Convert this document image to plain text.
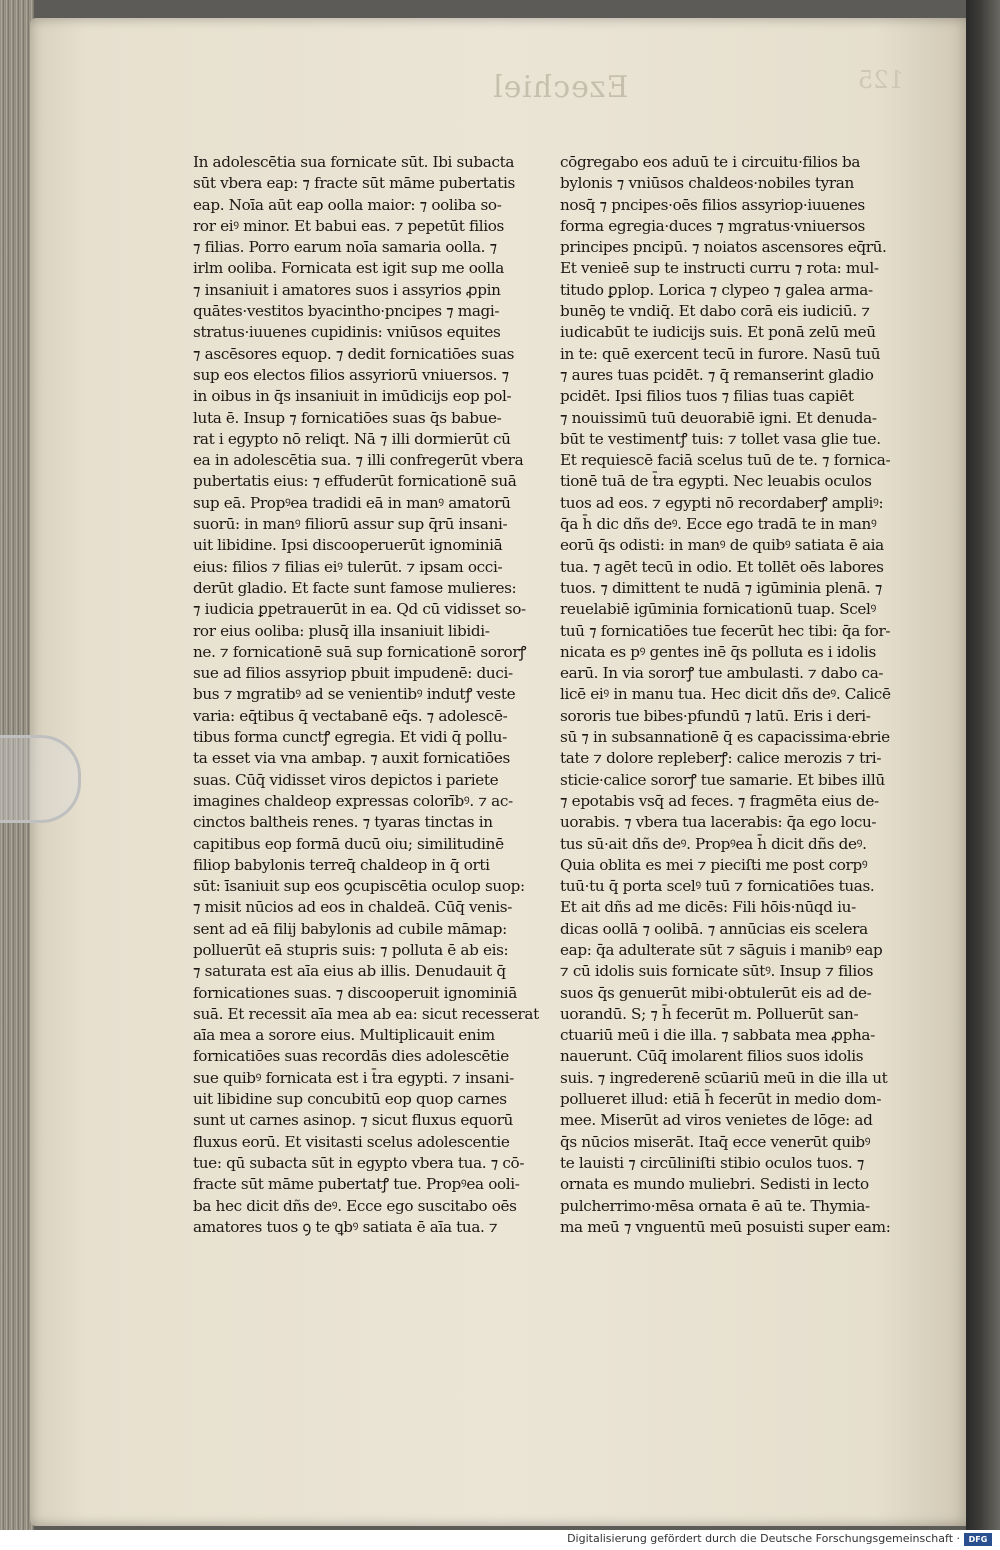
Ezechiel	125
In adolescētia sua fornicate sūt. Ibi subacta
sūt vbera eap: ⁊ fracte sūt māme pubertatis
eap. Noīa aūt eap oolla maior: ⁊ ooliba so-
ror eiꝰ minor. Et babui eas. ⁊ pepetūt filios
⁊ filias. Porro earum noīa samaria oolla. ⁊
irlm ooliba. Fornicata est igit sup me oolla
⁊ insaniuit i amatores suos i assyrios ꝓpin
quātes·vestitos byacintho·pncipes ⁊ magi-
stratus·iuuenes cupidinis: vniūsos equites
⁊ ascēsores equop. ⁊ dedit fornicatiōes suas
sup eos electos filios assyriorū vniuersos. ⁊
in oibus in q̄s insaniuit in imūdicijs eop pol-
luta ē. Insup ⁊ fornicatiōes suas q̄s babue-
rat i egypto nō reliqt. Nā ⁊ illi dormierūt cū
ea in adolescētia sua. ⁊ illi confregerūt vbera
pubertatis eius: ⁊ effuderūt fornicationē suā
sup eā. Propꝰea tradidi eā in manꝰ amatorū
suorū: in manꝰ filiorū assur sup q̄rū insani-
uit libidine. Ipsi discooperuerūt ignominiā
eius: filios ⁊ filias eiꝰ tulerūt. ⁊ ipsam occi-
derūt gladio. Et facte sunt famose mulieres:
⁊ iudicia ꝑpetrauerūt in ea. Qd cū vidisset so-
ror eius ooliba: plusq̄ illa insaniuit libidi-
ne. ⁊ fornicationē suā sup fornicationē sororꝭ
sue ad filios assyriop pbuit impudenē: duci-
bus ⁊ mgratibꝰ ad se venientibꝰ indutꝭ veste
varia: eq̄tibus q̄ vectabanē eq̄s. ⁊ adolescē-
tibus forma cunctꝭ egregia. Et vidi q̄ pollu-
ta esset via vna ambap. ⁊ auxit fornicatiōes
suas. Cūq̄ vidisset viros depictos i pariete
imagines chaldeop expressas colorībꝰ. ⁊ ac-
cinctos baltheis renes. ⁊ tyaras tinctas in
capitibus eop formā ducū oiu; similitudinē
filiop babylonis terreq̄ chaldeop in q̄ orti
sūt: īsaniuit sup eos ꝯcupiscētia oculop suop:
⁊ misit nūcios ad eos in chaldeā. Cūq̄ venis-
sent ad eā filij babylonis ad cubile māmap:
polluerūt eā stupris suis: ⁊ polluta ē ab eis:
⁊ saturata est aīa eius ab illis. Denudauit q̄
fornicationes suas. ⁊ discooperuit ignominiā
suā. Et recessit aīa mea ab ea: sicut recesserat
aīa mea a sorore eius. Multiplicauit enim
fornicatiōes suas recordās dies adolescētie
sue quibꝰ fornicata est i t̄ra egypti. ⁊ insani-
uit libidine sup concubitū eop quop carnes
sunt ut carnes asinop. ⁊ sicut fluxus equorū
fluxus eorū. Et visitasti scelus adolescentie
tue: qū subacta sūt in egypto vbera tua. ⁊ cō-
fracte sūt māme pubertatꝭ tue. Propꝰea ooli-
ba hec dicit dñs deꝰ. Ecce ego suscitabo oēs
amatores tuos ꝯ te ꝗbꝰ satiata ē aīa tua. ⁊
cōgregabo eos aduū te i circuitu·filios ba
bylonis ⁊ vniūsos chaldeos·nobiles tyran
nosq̄ ⁊ pncipes·oēs filios assyriop·iuuenes
forma egregia·duces ⁊ mgratus·vniuersos
principes pncipū. ⁊ noiatos ascensores eq̄rū.
Et venieē sup te instructi curru ⁊ rota: mul-
titudo ꝑplop. Lorica ⁊ clypeo ⁊ galea arma-
bunēꝯ te vndiq̄. Et dabo corā eis iudiciū. ⁊
iudicabūt te iudicijs suis. Et ponā zelū meū
in te: quē exercent tecū in furore. Nasū tuū
⁊ aures tuas pcidēt. ⁊ q̄ remanserint gladio
pcidēt. Ipsi filios tuos ⁊ filias tuas capiēt
⁊ nouissimū tuū deuorabiē igni. Et denuda-
būt te vestimentꝭ tuis: ⁊ tollet vasa glie tue.
Et requiescē faciā scelus tuū de te. ⁊ fornica-
tionē tuā de t̄ra egypti. Nec leuabis oculos
tuos ad eos. ⁊ egypti nō recordaberꝭ ampliꝰ:
q̄a h̄ dic dñs deꝰ. Ecce ego tradā te in manꝰ
eorū q̄s odisti: in manꝰ de quibꝰ satiata ē aia
tua. ⁊ agēt tecū in odio. Et tollēt oēs labores
tuos. ⁊ dimittent te nudā ⁊ igūminia plenā. ⁊
reuelabiē igūminia fornicationū tuap. Scelꝰ
tuū ⁊ fornicatiōes tue fecerūt hec tibi: q̄a for-
nicata es pꝰ gentes inē q̄s polluta es i idolis
earū. In via sororꝭ tue ambulasti. ⁊ dabo ca-
licē eiꝰ in manu tua. Hec dicit dñs deꝰ. Calicē
sororis tue bibes·pfundū ⁊ latū. Eris i deri-
sū ⁊ in subsannationē q̄ es capacissima·ebrie
tate ⁊ dolore repleberꝭ: calice merozis ⁊ tri-
sticie·calice sororꝭ tue samarie. Et bibes illū
⁊ epotabis vsq̄ ad feces. ⁊ fragmēta eius de-
uorabis. ⁊ vbera tua lacerabis: q̄a ego locu-
tus sū·ait dñs deꝰ. Propꝰea h̄ dicit dñs deꝰ.
Quia oblita es mei ⁊ pieciſti me post corpꝰ
tuū·tu q̄ porta scelꝰ tuū ⁊ fornicatiōes tuas.
Et ait dñs ad me dicēs: Fili hōis·nūqd iu-
dicas oollā ⁊ oolibā. ⁊ annūcias eis scelera
eap: q̄a adulterate sūt ⁊ sāguis i manibꝰ eap
⁊ cū idolis suis fornicate sūtꝰ. Insup ⁊ filios
suos q̄s genuerūt mibi·obtulerūt eis ad de-
uorandū. S; ⁊ h̄ fecerūt m. Polluerūt san-
ctuariū meū i die illa. ⁊ sabbata mea ꝓpha-
nauerunt. Cūq̄ imolarent filios suos idolis
suis. ⁊ ingrederenē scūariū meū in die illa ut
pollueret illud: etiā h̄ fecerūt in medio dom-
mee. Miserūt ad viros venietes de lōge: ad
q̄s nūcios miserāt. Itaq̄ ecce venerūt quibꝰ
te lauisti ⁊ circūliniſti stibio oculos tuos. ⁊
ornata es mundo muliebri. Sedisti in lecto
pulcherrimo·mēsa ornata ē aū te. Thymia-
ma meū ⁊ vnguentū meū posuisti super eam:
Digitalisierung gefördert durch die Deutsche Forschungsgemeinschaft ·	DFG
